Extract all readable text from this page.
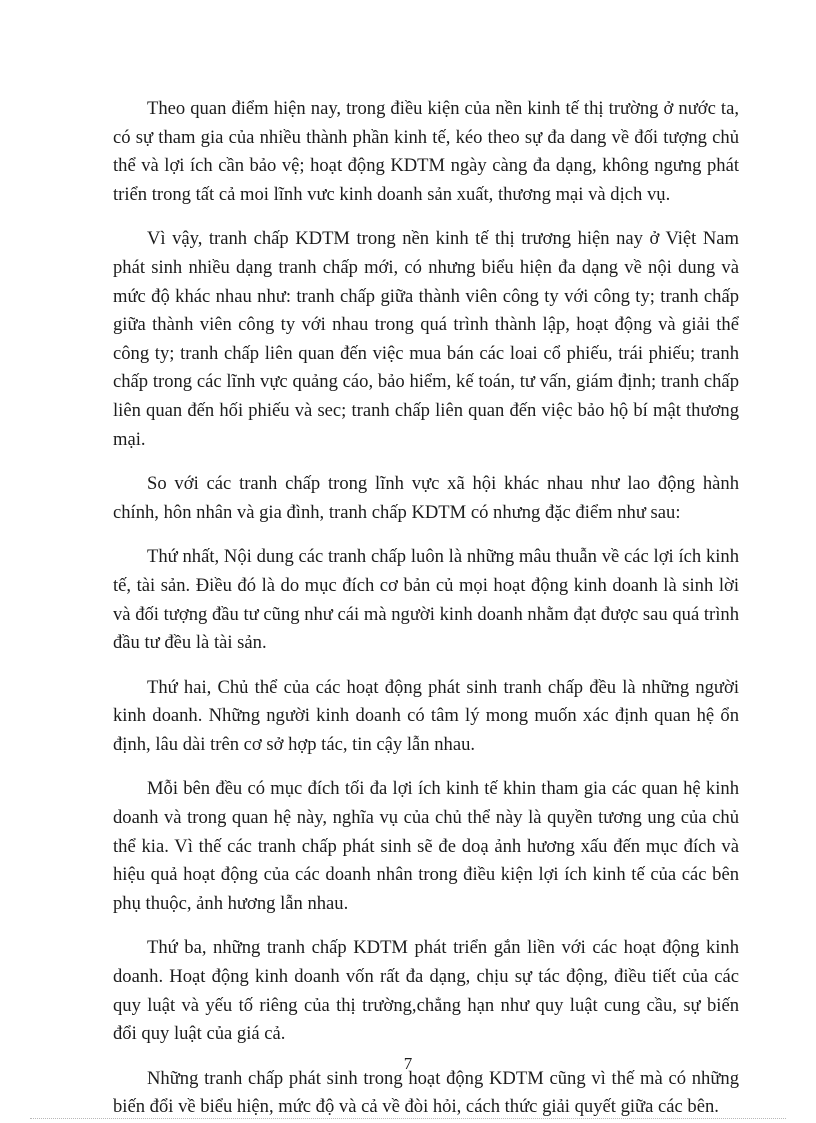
Theo quan điểm hiện nay, trong điều kiện của nền kinh tế thị trường ở nước ta, có sự tham gia của nhiều thành phần kinh tế, kéo theo sự đa dang về đối tượng chủ thể và lợi ích cần bảo vệ; hoạt động KDTM ngày càng đa dạng, không ngưng phát triển trong tất cả moi lĩnh vưc kinh doanh sản xuất, thương mại và dịch vụ.

Vì vậy, tranh chấp KDTM trong nền kinh tế thị trương hiện nay ở Việt Nam phát sinh nhiều dạng tranh chấp mới, có nhưng biểu hiện đa dạng về nội dung và mức độ khác nhau như: tranh chấp giữa thành viên công ty với công ty; tranh chấp giữa thành viên công ty với nhau trong quá trình thành lập, hoạt động và giải thể công ty; tranh chấp liên quan đến việc mua bán các loai cổ phiếu, trái phiếu; tranh chấp trong các lĩnh vực quảng cáo, bảo hiểm, kế toán, tư vấn, giám định; tranh chấp liên quan đến hối phiếu và sec; tranh chấp liên quan đến việc bảo hộ bí mật thương mại.

So với các tranh chấp trong lĩnh vực xã hội khác nhau như lao động hành chính, hôn nhân và gia đình, tranh chấp KDTM có nhưng đặc điểm như sau:

Thứ nhất, Nội dung các tranh chấp luôn là những mâu thuẫn về các lợi ích kinh tế, tài sản. Điều đó là do mục đích cơ bản củ mọi hoạt động kinh doanh là sinh lời và đối tượng đầu tư cũng như cái mà người kinh doanh nhằm đạt được sau quá trình đầu tư đều là tài sản.

Thứ hai, Chủ thể của các hoạt động phát sinh tranh chấp đều là những người kinh doanh. Những người kinh doanh có tâm lý mong muốn xác định quan hệ ổn định, lâu dài trên cơ sở hợp tác, tin cậy lẫn nhau.

Mỗi bên đều có mục đích tối đa lợi ích kinh tế khin tham gia các quan hệ kinh doanh và trong quan hệ này, nghĩa vụ của chủ thể này là quyền tương ung của chủ thể kia. Vì thế các tranh chấp phát sinh sẽ đe doạ ảnh hương xấu đến mục đích và hiệu quả hoạt động của các doanh nhân trong điều kiện lợi ích kinh tế của các bên phụ thuộc, ảnh hương lẫn nhau.

Thứ ba, những tranh chấp KDTM phát triển gắn liền với các hoạt động kinh doanh. Hoạt động kinh doanh vốn rất đa dạng, chịu sự tác động, điều tiết của các quy luật và yếu tố riêng của thị trường,chẳng hạn như quy luật cung cầu, sự biến đổi quy luật của giá cả.

Những tranh chấp phát sinh trong hoạt động KDTM cũng vì thế mà có những biến đổi về biểu hiện, mức độ và cả về đòi hỏi, cách thức giải quyết giữa các bên.

7
